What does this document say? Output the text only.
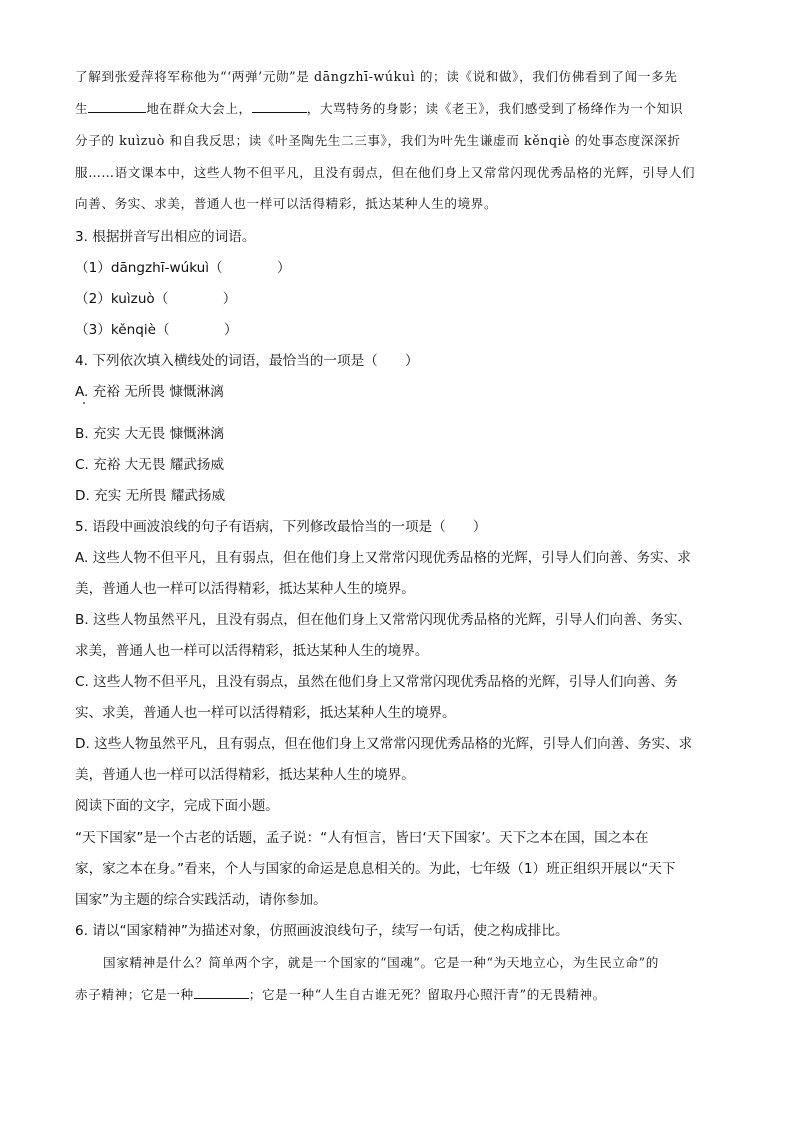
了解到张爱萍将军称他为“‘两弹’元勋”是 dāngzhī-wúkuì 的；读《说和做》，我们仿佛看到了闻一多先
生	地在群众大会上，	，大骂特务的身影；读《老王》，我们感受到了杨绛作为一个知识
分子的 kuìzuò 和自我反思；读《叶圣陶先生二三事》，我们为叶先生谦虚而 kěnqiè 的处事态度深深折
服……语文课本中，这些人物不但平凡，且没有弱点，但在他们身上又常常闪现优秀品格的光辉，引导人们
向善、务实、求美，普通人也一样可以活得精彩，抵达某种人生的境界。
3. 根据拼音写出相应的词语。
（1）dāngzhī-wúkuì（　　　　）
（2）kuìzuò（　　　　）
（3）kěnqiè（　　　　）
4. 下列依次填入横线处的词语，最恰当的一项是（　　）
A. 充裕 无所畏 慷慨淋漓
B. 充实 大无畏 慷慨淋漓
C. 充裕 大无畏 耀武扬威
D. 充实 无所畏 耀武扬威
5. 语段中画波浪线的句子有语病，下列修改最恰当的一项是（　　）
A. 这些人物不但平凡，且有弱点，但在他们身上又常常闪现优秀品格的光辉，引导人们向善、务实、求
美，普通人也一样可以活得精彩，抵达某种人生的境界。
B. 这些人物虽然平凡，且没有弱点，但在他们身上又常常闪现优秀品格的光辉，引导人们向善、务实、
求美，普通人也一样可以活得精彩，抵达某种人生的境界。
C. 这些人物不但平凡，且没有弱点，虽然在他们身上又常常闪现优秀品格的光辉，引导人们向善、务
实、求美，普通人也一样可以活得精彩，抵达某种人生的境界。
D. 这些人物虽然平凡，且有弱点，但在他们身上又常常闪现优秀品格的光辉，引导人们向善、务实、求
美，普通人也一样可以活得精彩，抵达某种人生的境界。
阅读下面的文字，完成下面小题。
“天下国家”是一个古老的话题，孟子说：“人有恒言，皆曰‘天下国家’。天下之本在国，国之本在
家，家之本在身。”看来，个人与国家的命运是息息相关的。为此，七年级（1）班正组织开展以“天下
国家”为主题的综合实践活动，请你参加。
6. 请以“国家精神”为描述对象，仿照画波浪线句子，续写一句话，使之构成排比。
国家精神是什么？简单两个字，就是一个国家的“国魂”。它是一种“为天地立心，为生民立命”的
赤子精神；它是一种	；它是一种“人生自古谁无死？留取丹心照汗青”的无畏精神。
